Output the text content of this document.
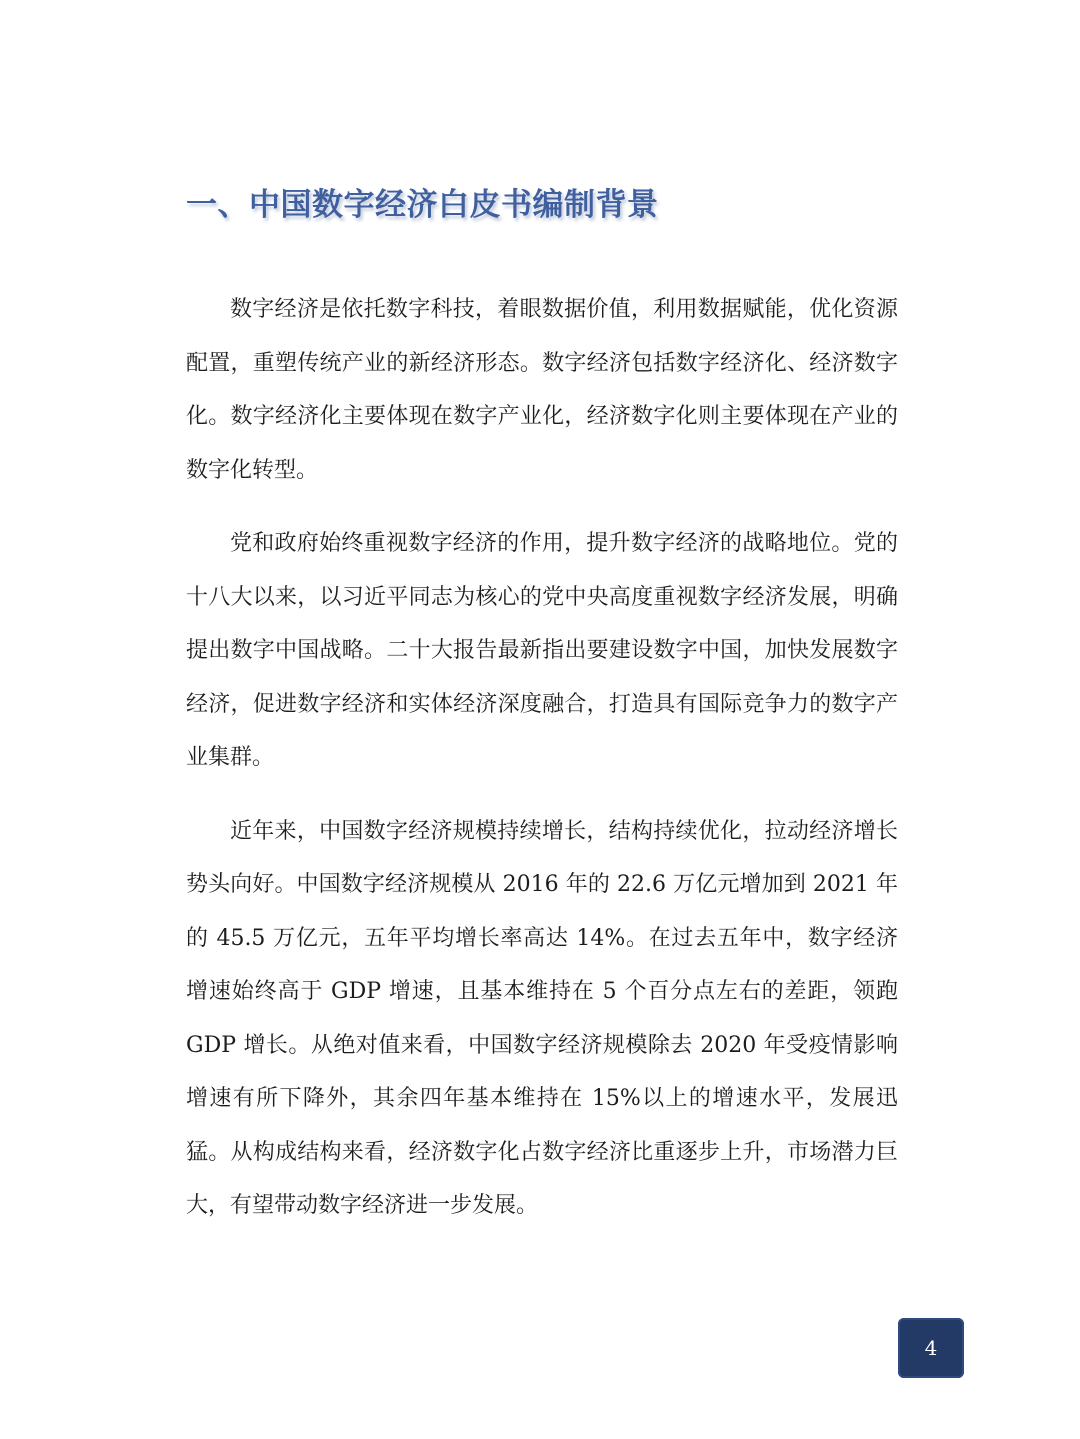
一、中国数字经济白皮书编制背景

数字经济是依托数字科技，着眼数据价值，利用数据赋能，优化资源配置，重塑传统产业的新经济形态。数字经济包括数字经济化、经济数字化。数字经济化主要体现在数字产业化，经济数字化则主要体现在产业的数字化转型。

党和政府始终重视数字经济的作用，提升数字经济的战略地位。党的十八大以来，以习近平同志为核心的党中央高度重视数字经济发展，明确提出数字中国战略。二十大报告最新指出要建设数字中国，加快发展数字经济，促进数字经济和实体经济深度融合，打造具有国际竞争力的数字产业集群。

近年来，中国数字经济规模持续增长，结构持续优化，拉动经济增长势头向好。中国数字经济规模从 2016 年的 22.6 万亿元增加到 2021 年的 45.5 万亿元，五年平均增长率高达 14%。在过去五年中，数字经济增速始终高于 GDP 增速，且基本维持在 5 个百分点左右的差距，领跑 GDP 增长。从绝对值来看，中国数字经济规模除去 2020 年受疫情影响增速有所下降外，其余四年基本维持在 15%以上的增速水平，发展迅猛。从构成结构来看，经济数字化占数字经济比重逐步上升，市场潜力巨大，有望带动数字经济进一步发展。

4
